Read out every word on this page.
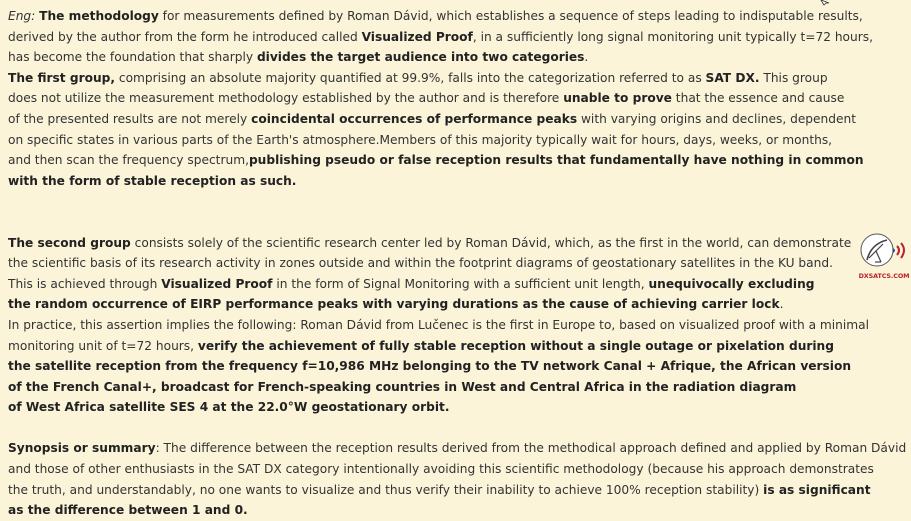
Eng: The methodology for measurements defined by Roman Dávid, which establishes a sequence of steps leading to indisputable results,
derived by the author from the form he introduced called Visualized Proof, in a sufficiently long signal monitoring unit typically t=72 hours,
has become the foundation that sharply divides the target audience into two categories.
The first group, comprising an absolute majority quantified at 99.9%, falls into the categorization referred to as SAT DX. This group
does not utilize the measurement methodology established by the author and is therefore unable to prove that the essence and cause
of the presented results are not merely coincidental occurrences of performance peaks with varying origins and declines, dependent
on specific states in various parts of the Earth's atmosphere.Members of this majority typically wait for hours, days, weeks, or months,
and then scan the frequency spectrum,publishing pseudo or false reception results that fundamentally have nothing in common
with the form of stable reception as such.
The second group consists solely of the scientific research center led by Roman Dávid, which, as the first in the world, can demonstrate
the scientific basis of its research activity in zones outside and within the footprint diagrams of geostationary satellites in the KU band.
This is achieved through Visualized Proof in the form of Signal Monitoring with a sufficient unit length, unequivocally excluding
the random occurrence of EIRP performance peaks with varying durations as the cause of achieving carrier lock.
In practice, this assertion implies the following: Roman Dávid from Lučenec is the first in Europe to, based on visualized proof with a minimal
monitoring unit of t=72 hours, verify the achievement of fully stable reception without a single outage or pixelation during
the satellite reception from the frequency f=10,986 MHz belonging to the TV network Canal + Afrique, the African version
of the French Canal+, broadcast for French-speaking countries in West and Central Africa in the radiation diagram
of West Africa satellite SES 4 at the 22.0°W geostationary orbit.
Synopsis or summary: The difference between the reception results derived from the methodical approach defined and applied by Roman Dávid
and those of other enthusiasts in the SAT DX category intentionally avoiding this scientific methodology (because his approach demonstrates
the truth, and understandably, no one wants to visualize and thus verify their inability to achieve 100% reception stability) is as significant
as the difference between 1 and 0.
DXSATCS.COM
